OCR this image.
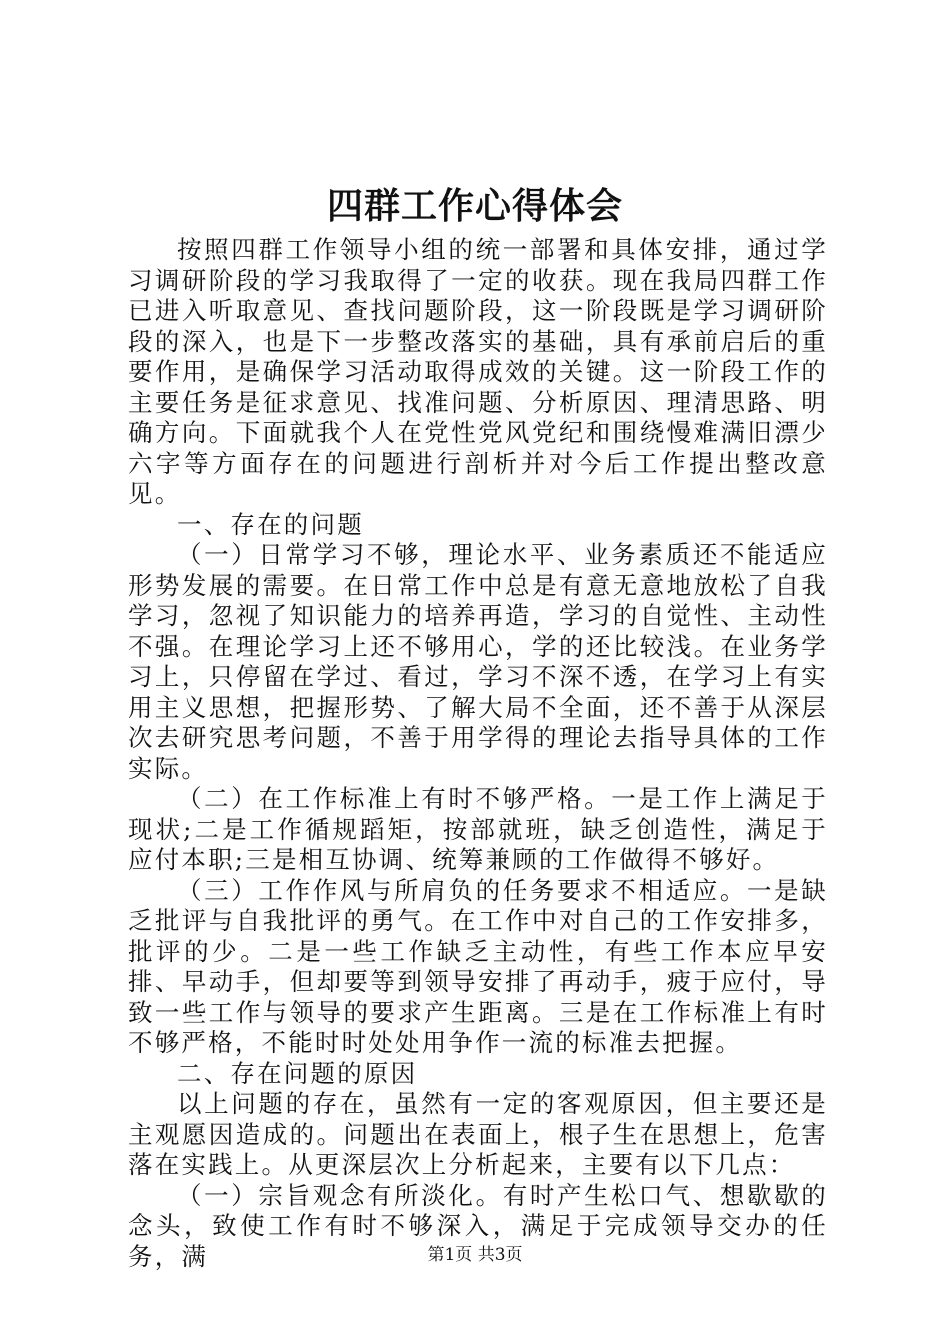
四群工作心得体会

按照四群工作领导小组的统一部署和具体安排，通过学习调研阶段的学习我取得了一定的收获。现在我局四群工作已进入听取意见、查找问题阶段，这一阶段既是学习调研阶段的深入，也是下一步整改落实的基础，具有承前启后的重要作用，是确保学习活动取得成效的关键。这一阶段工作的主要任务是征求意见、找准问题、分析原因、理清思路、明确方向。下面就我个人在党性党风党纪和围绕慢难满旧漂少六字等方面存在的问题进行剖析并对今后工作提出整改意见。

一、存在的问题

（一）日常学习不够，理论水平、业务素质还不能适应形势发展的需要。在日常工作中总是有意无意地放松了自我学习，忽视了知识能力的培养再造，学习的自觉性、主动性不强。在理论学习上还不够用心，学的还比较浅。在业务学习上，只停留在学过、看过，学习不深不透，在学习上有实用主义思想，把握形势、了解大局不全面，还不善于从深层次去研究思考问题，不善于用学得的理论去指导具体的工作实际。

（二）在工作标准上有时不够严格。一是工作上满足于现状;二是工作循规蹈矩，按部就班，缺乏创造性，满足于应付本职;三是相互协调、统筹兼顾的工作做得不够好。

（三）工作作风与所肩负的任务要求不相适应。一是缺乏批评与自我批评的勇气。在工作中对自己的工作安排多，批评的少。二是一些工作缺乏主动性，有些工作本应早安排、早动手，但却要等到领导安排了再动手，疲于应付，导致一些工作与领导的要求产生距离。三是在工作标准上有时不够严格，不能时时处处用争作一流的标准去把握。

二、存在问题的原因

以上问题的存在，虽然有一定的客观原因，但主要还是主观愿因造成的。问题出在表面上，根子生在思想上，危害落在实践上。从更深层次上分析起来，主要有以下几点：

（一）宗旨观念有所淡化。有时产生松口气、想歇歇的念头，致使工作有时不够深入，满足于完成领导交办的任务，满	第1页 共3页
